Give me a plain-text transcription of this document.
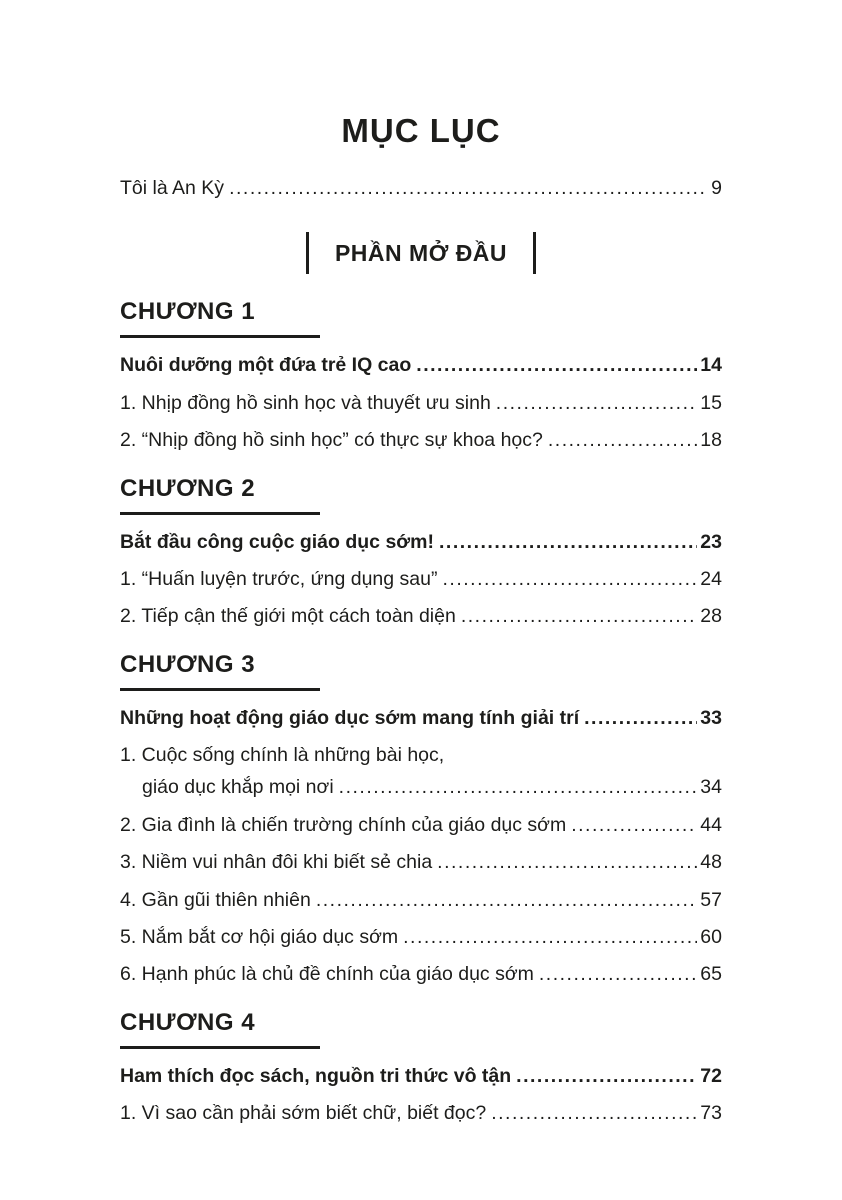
MỤC LỤC
Tôi là An Kỳ .....	9
PHẦN MỞ ĐẦU
CHƯƠNG 1
Nuôi dưỡng một đứa trẻ IQ cao .....	14
1. Nhịp đồng hồ sinh học và thuyết ưu sinh .....	15
2. “Nhịp đồng hồ sinh học” có thực sự khoa học? .....	18
CHƯƠNG 2
Bắt đầu công cuộc giáo dục sớm! .....	23
1. “Huấn luyện trước, ứng dụng sau” .....	24
2. Tiếp cận thế giới một cách toàn diện .....	28
CHƯƠNG 3
Những hoạt động giáo dục sớm mang tính giải trí .....	33
1. Cuộc sống chính là những bài học,
giáo dục khắp mọi nơi .....	34
2. Gia đình là chiến trường chính của giáo dục sớm .....	44
3. Niềm vui nhân đôi khi biết sẻ chia .....	48
4. Gần gũi thiên nhiên .....	57
5. Nắm bắt cơ hội giáo dục sớm .....	60
6. Hạnh phúc là chủ đề chính của giáo dục sớm .....	65
CHƯƠNG 4
Ham thích đọc sách, nguồn tri thức vô tận .....	72
1. Vì sao cần phải sớm biết chữ, biết đọc? .....	73
